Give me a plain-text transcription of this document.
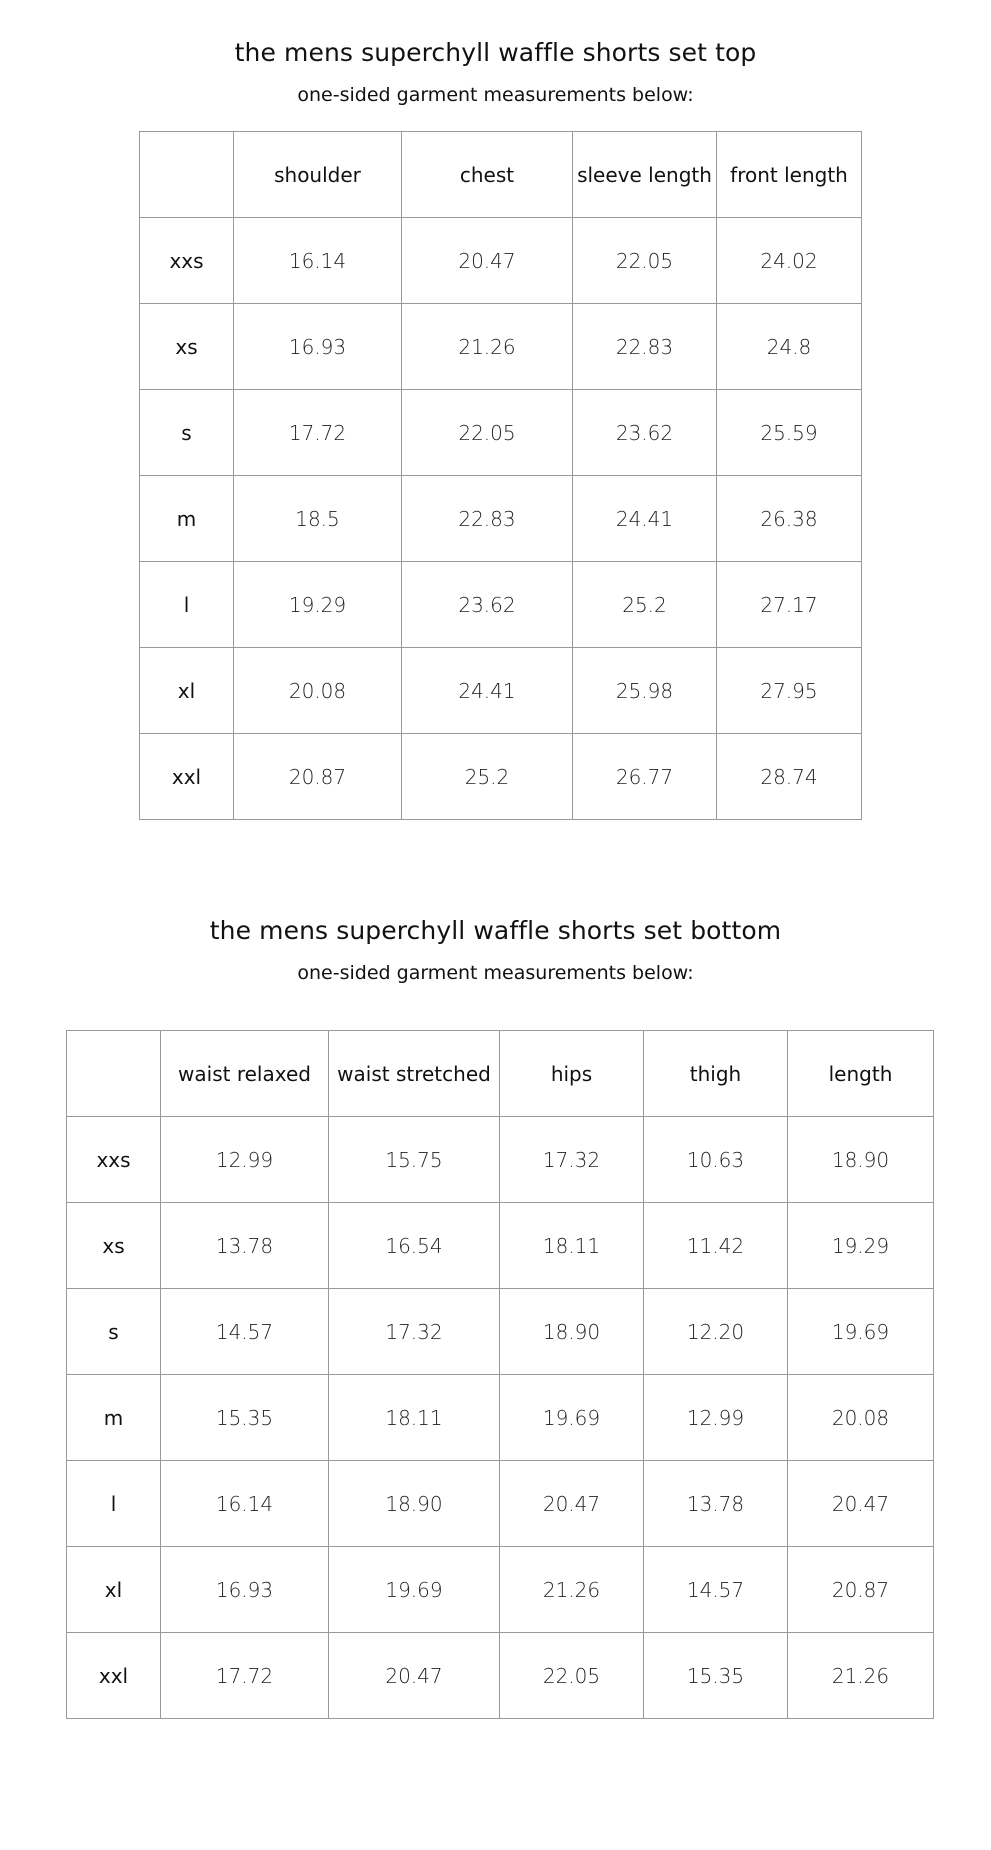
the mens superchyll waffle shorts set top
one-sided garment measurements below:
	shoulder	chest	sleeve length	front length
xxs	16.14	20.47	22.05	24.02
xs	16.93	21.26	22.83	24.8
s	17.72	22.05	23.62	25.59
m	18.5	22.83	24.41	26.38
l	19.29	23.62	25.2	27.17
xl	20.08	24.41	25.98	27.95
xxl	20.87	25.2	26.77	28.74
the mens superchyll waffle shorts set bottom
one-sided garment measurements below:
	waist relaxed	waist stretched	hips	thigh	length
xxs	12.99	15.75	17.32	10.63	18.90
xs	13.78	16.54	18.11	11.42	19.29
s	14.57	17.32	18.90	12.20	19.69
m	15.35	18.11	19.69	12.99	20.08
l	16.14	18.90	20.47	13.78	20.47
xl	16.93	19.69	21.26	14.57	20.87
xxl	17.72	20.47	22.05	15.35	21.26
